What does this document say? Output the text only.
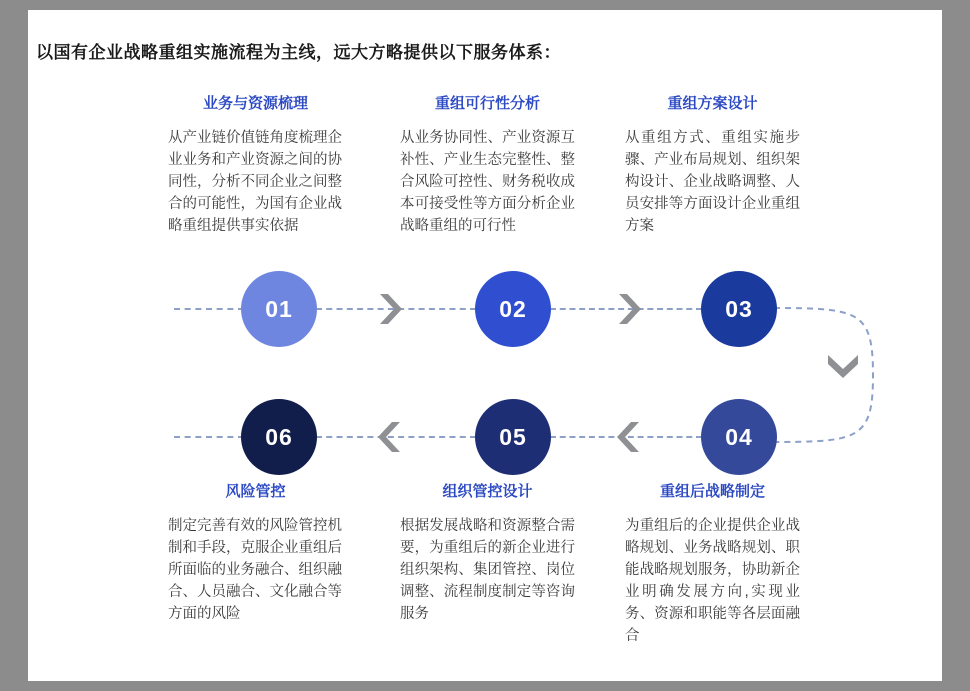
以国有企业战略重组实施流程为主线，远大方略提供以下服务体系：
业务与资源梳理
从产业链价值链角度梳理企业业务和产业资源之间的协同性，分析不同企业之间整合的可能性，为国有企业战略重组提供事实依据
重组可行性分析
从业务协同性、产业资源互补性、产业生态完整性、整合风险可控性、财务税收成本可接受性等方面分析企业战略重组的可行性
重组方案设计
从重组方式、重组实施步骤、产业布局规划、组织架构设计、企业战略调整、人员安排等方面设计企业重组方案
01	02	03
04
05
06
风险管控
制定完善有效的风险管控机制和手段，克服企业重组后所面临的业务融合、组织融合、人员融合、文化融合等方面的风险
组织管控设计
根据发展战略和资源整合需要，为重组后的新企业进行组织架构、集团管控、岗位调整、流程制度制定等咨询服务
重组后战略制定
为重组后的企业提供企业战略规划、业务战略规划、职能战略规划服务，协助新企业明确发展方向,实现业务、资源和职能等各层面融合
